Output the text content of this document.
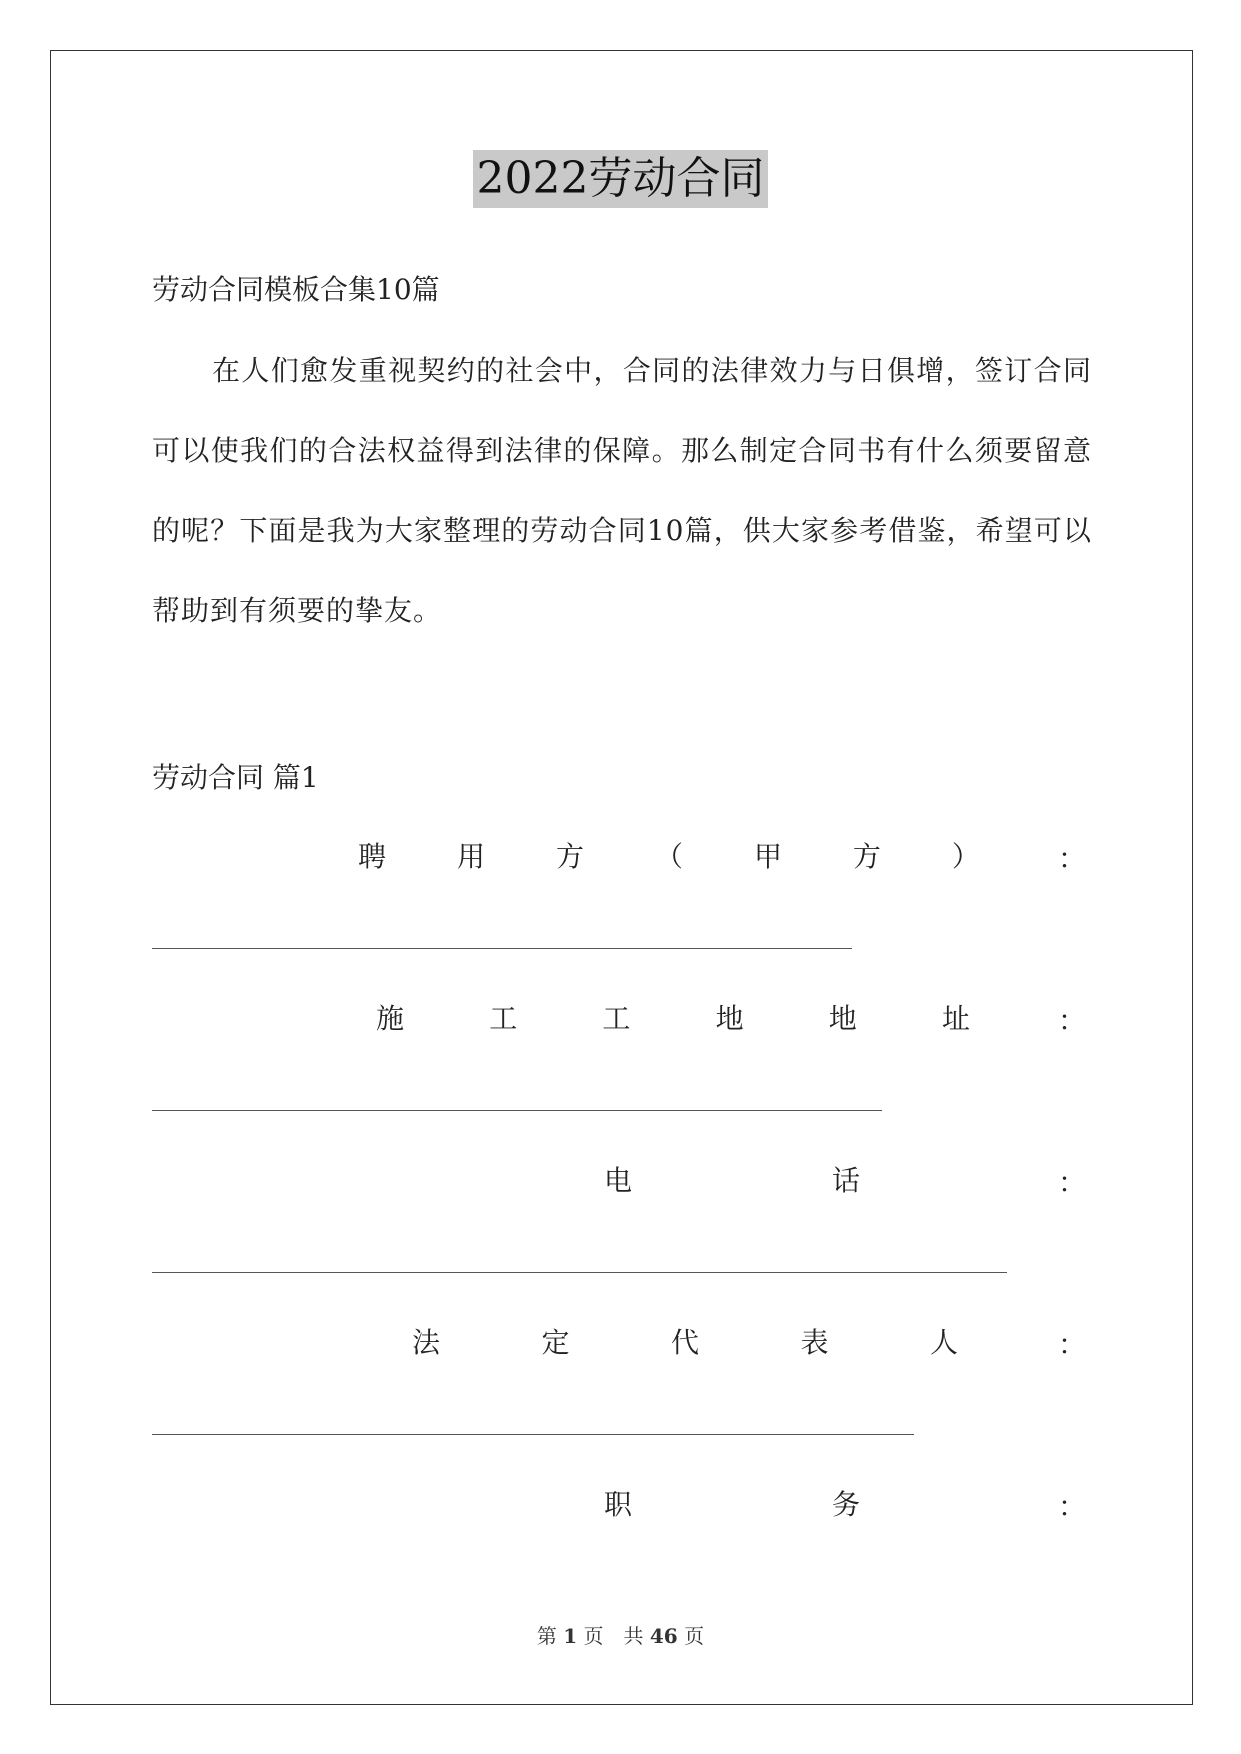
2022劳动合同
劳动合同模板合集10篇

在人们愈发重视契约的社会中，合同的法律效力与日俱增，签订合同可以使我们的合法权益得到法律的保障。那么制定合同书有什么须要留意的呢？下面是我为大家整理的劳动合同10篇，供大家参考借鉴，希望可以帮助到有须要的挚友。

劳动合同 篇1
聘	用	方	（	甲	方	）	：
施	工	工	地	地	址	：
电	话	：
法	定	代	表	人	：
职	务	：
第 1 页　共 46 页
